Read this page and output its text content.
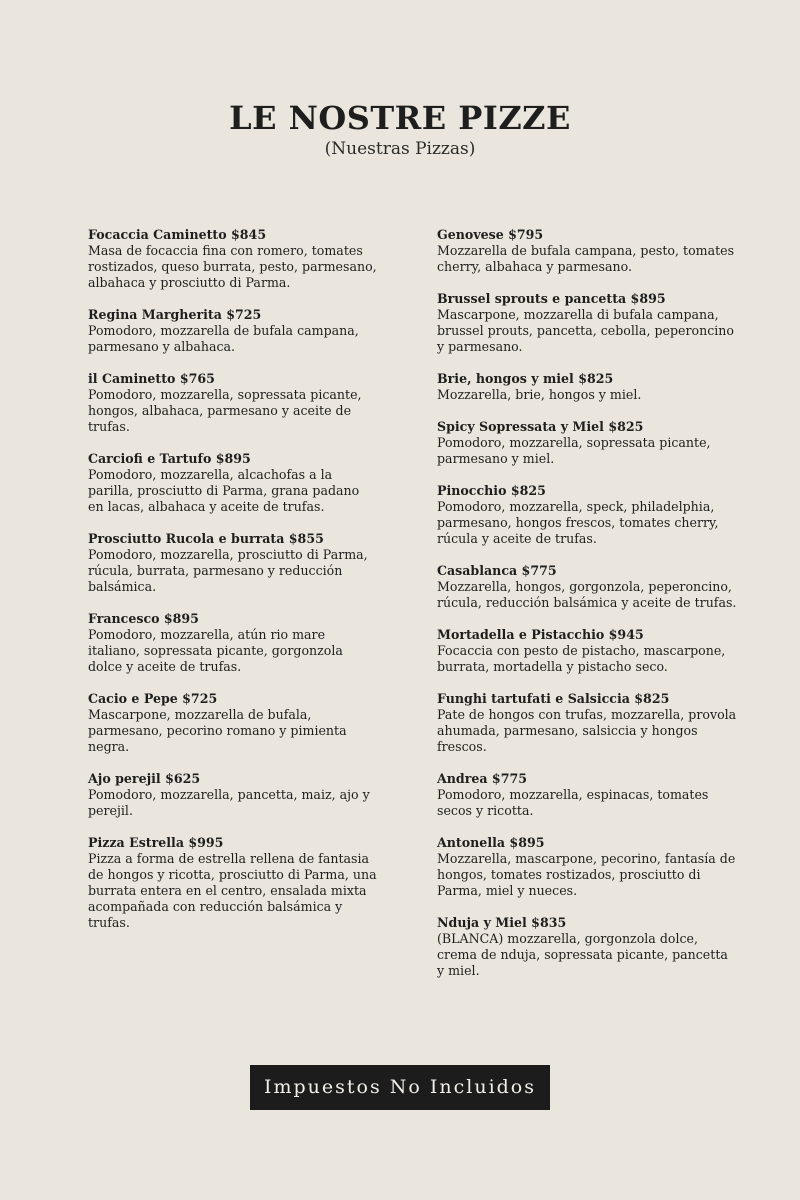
LE NOSTRE PIZZE

(Nuestras Pizzas)

Focaccia Caminetto $845
Masa de focaccia fina con romero, tomates rostizados, queso burrata, pesto, parmesano, albahaca y prosciutto di Parma.
Regina Margherita $725
Pomodoro, mozzarella de bufala campana, parmesano y albahaca.
il Caminetto $765
Pomodoro, mozzarella, sopressata picante, hongos, albahaca, parmesano y aceite de trufas.
Carciofi e Tartufo $895
Pomodoro, mozzarella, alcachofas a la parilla, prosciutto di Parma, grana padano en lacas, albahaca y aceite de trufas.
Prosciutto Rucola e burrata $855
Pomodoro, mozzarella, prosciutto di Parma, rúcula, burrata, parmesano y reducción balsámica.
Francesco $895
Pomodoro, mozzarella, atún rio mare italiano, sopressata picante, gorgonzola dolce y aceite de trufas.
Cacio e Pepe $725
Mascarpone, mozzarella de bufala, parmesano, pecorino romano y pimienta negra.
Ajo perejil $625
Pomodoro, mozzarella, pancetta, maiz, ajo y perejil.
Pizza Estrella $995
Pizza a forma de estrella rellena de fantasia de hongos y ricotta, prosciutto di Parma, una burrata entera en el centro, ensalada mixta acompañada con reducción balsámica y trufas.
Genovese $795
Mozzarella de bufala campana, pesto, tomates cherry, albahaca y parmesano.
Brussel sprouts e pancetta $895
Mascarpone, mozzarella di bufala campana, brussel prouts, pancetta, cebolla, peperoncino y parmesano.
Brie, hongos y miel $825
Mozzarella, brie, hongos y miel.
Spicy Sopressata y Miel $825
Pomodoro, mozzarella, sopressata picante, parmesano y miel.
Pinocchio $825
Pomodoro, mozzarella, speck, philadelphia, parmesano, hongos frescos, tomates cherry, rúcula y aceite de trufas.
Casablanca $775
Mozzarella, hongos, gorgonzola, peperoncino, rúcula, reducción balsámica y aceite de trufas.
Mortadella e Pistacchio $945
Focaccia con pesto de pistacho, mascarpone, burrata, mortadella y pistacho seco.
Funghi tartufati e Salsiccia $825
Pate de hongos con trufas, mozzarella, provola ahumada, parmesano, salsiccia y hongos frescos.
Andrea $775
Pomodoro, mozzarella, espinacas, tomates secos y ricotta.
Antonella $895
Mozzarella, mascarpone, pecorino, fantasía de hongos, tomates rostizados, prosciutto di Parma, miel y nueces.
Nduja y Miel $835
(BLANCA) mozzarella, gorgonzola dolce, crema de nduja, sopressata picante, pancetta y miel.
Impuestos No Incluidos
